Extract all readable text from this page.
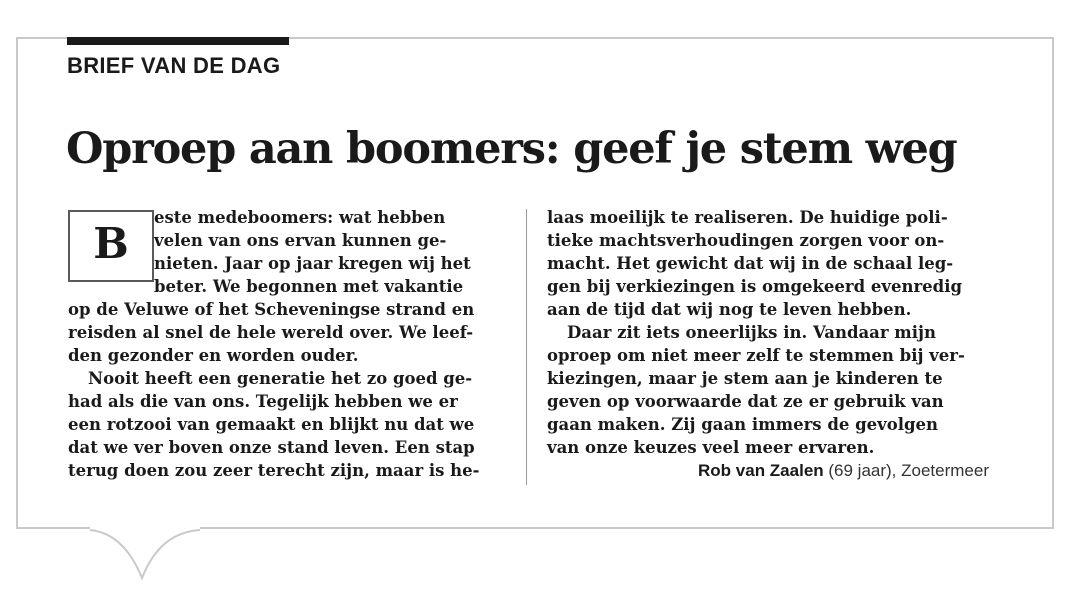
BRIEF VAN DE DAG
Oproep aan boomers: geef je stem weg
B
este medeboomers: wat hebben
velen van ons ervan kunnen ge-
nieten. Jaar op jaar kregen wij het
beter. We begonnen met vakantie
op de Veluwe of het Scheveningse strand en
reisden al snel de hele wereld over. We leef-
den gezonder en worden ouder.
Nooit heeft een generatie het zo goed ge-
had als die van ons. Tegelijk hebben we er
een rotzooi van gemaakt en blijkt nu dat we
dat we ver boven onze stand leven. Een stap
terug doen zou zeer terecht zijn, maar is he-
laas moeilijk te realiseren. De huidige poli-
tieke machtsverhoudingen zorgen voor on-
macht. Het gewicht dat wij in de schaal leg-
gen bij verkiezingen is omgekeerd evenredig
aan de tijd dat wij nog te leven hebben.
Daar zit iets oneerlijks in. Vandaar mijn
oproep om niet meer zelf te stemmen bij ver-
kiezingen, maar je stem aan je kinderen te
geven op voorwaarde dat ze er gebruik van
gaan maken. Zij gaan immers de gevolgen
van onze keuzes veel meer ervaren.
Rob van Zaalen (69 jaar), Zoetermeer
